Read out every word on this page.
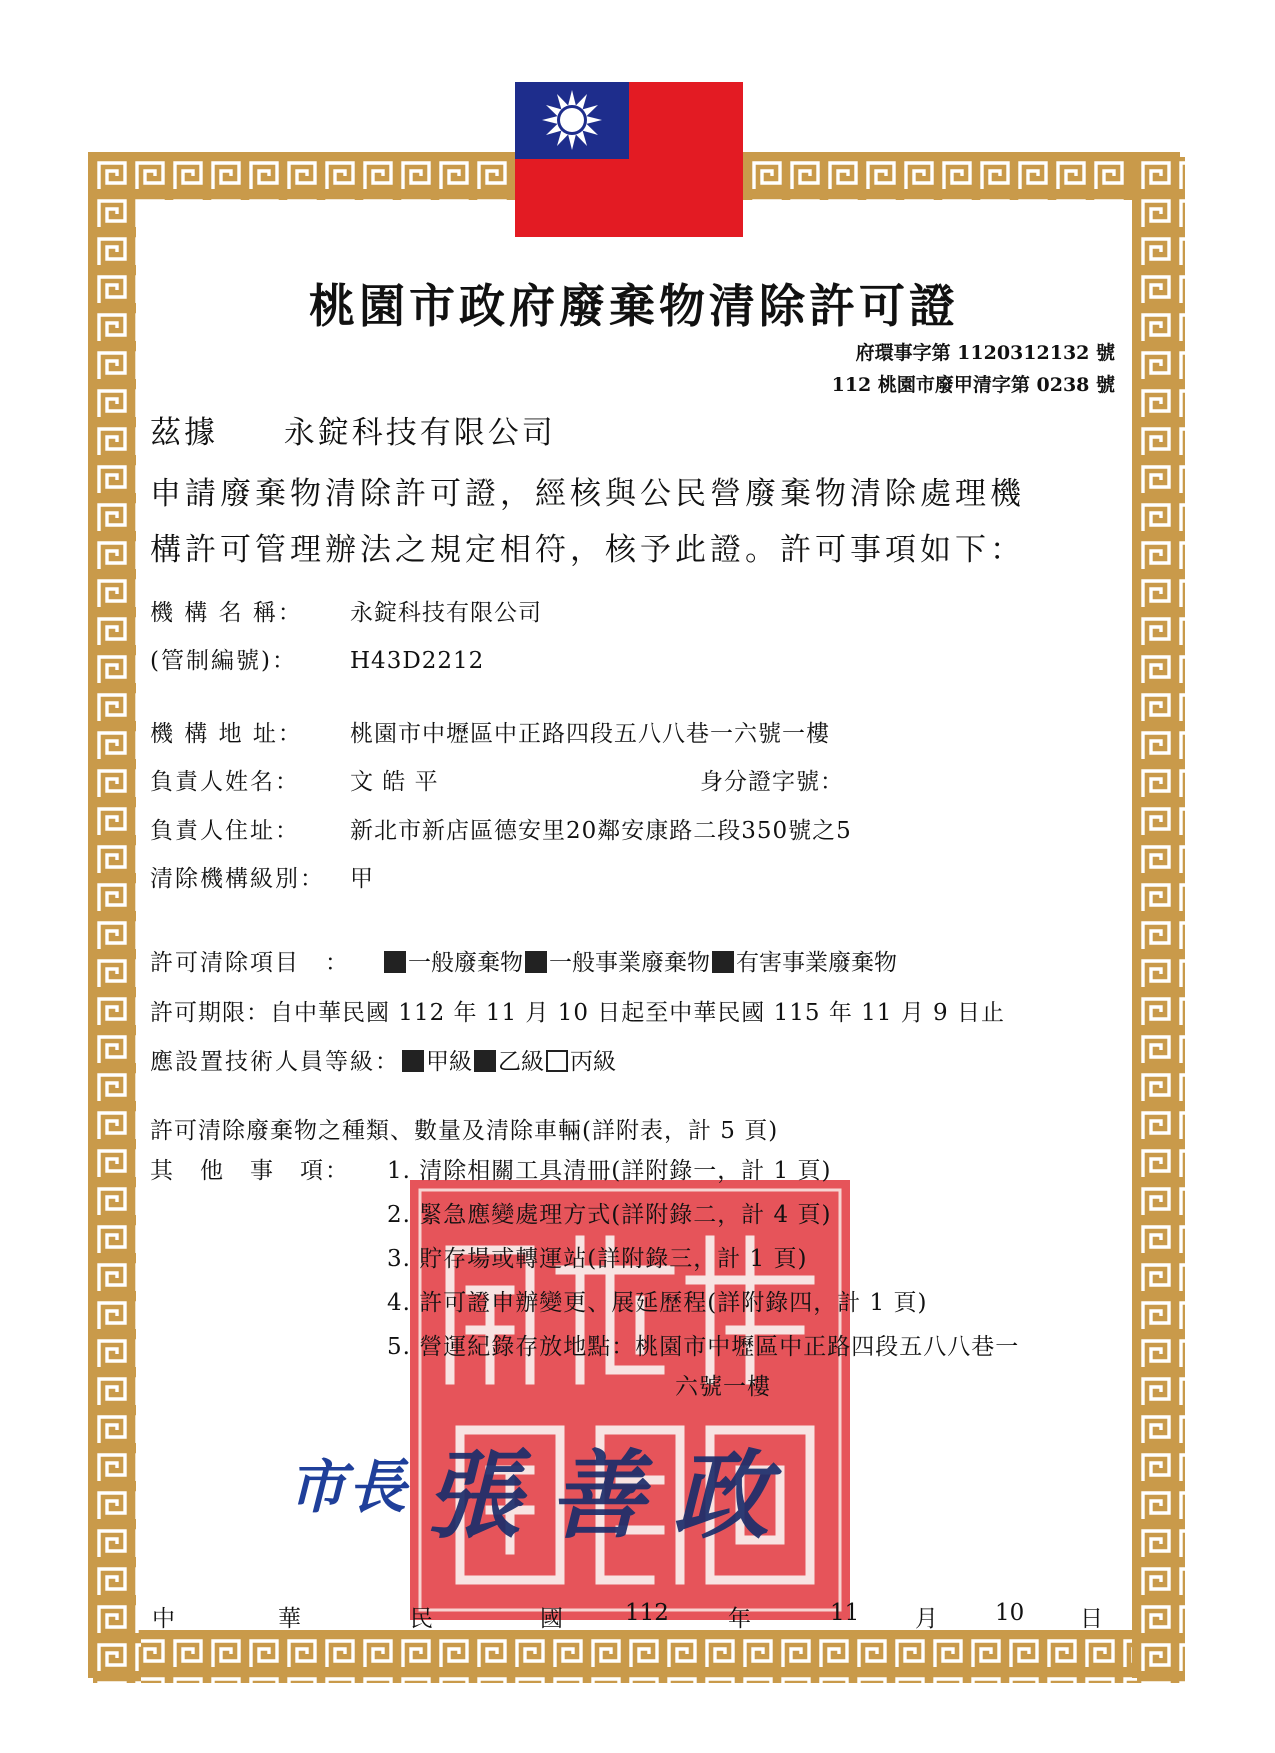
桃園市政府廢棄物清除許可證
府環事字第 1120312132 號
112 桃園市廢甲清字第 0238 號
茲據 永錠科技有限公司
申請廢棄物清除許可證，經核與公民營廢棄物清除處理機
構許可管理辦法之規定相符，核予此證。許可事項如下：
機 構 名 稱： 永錠科技有限公司
(管制編號)： H43D2212
機 構 地 址： 桃園市中壢區中正路四段五八八巷一六號一樓
負責人姓名： 文 皓 平	身分證字號：
負責人住址： 新北市新店區德安里20鄰安康路二段350號之5
清除機構級別： 甲
許可清除項目　：	一般廢棄物 一般事業廢棄物 有害事業廢棄物
許可期限：自中華民國 112 年 11 月 10 日起至中華民國 115 年 11 月 9 日止
應設置技術人員等級： 甲級 乙級 丙級
許可清除廢棄物之種類、數量及清除車輛(詳附表，計 5 頁)
其　他　事　項： 1. 清除相關工具清冊(詳附錄一，計 1 頁)
2. 緊急應變處理方式(詳附錄二，計 4 頁)
3. 貯存場或轉運站(詳附錄三，計 1 頁)
4. 許可證申辦變更、展延歷程(詳附錄四，計 1 頁)
5. 營運紀錄存放地點：桃園市中壢區中正路四段五八八巷一
六號一樓
市長 張善政
中	華	民	國	112	年	11 月 10 日
